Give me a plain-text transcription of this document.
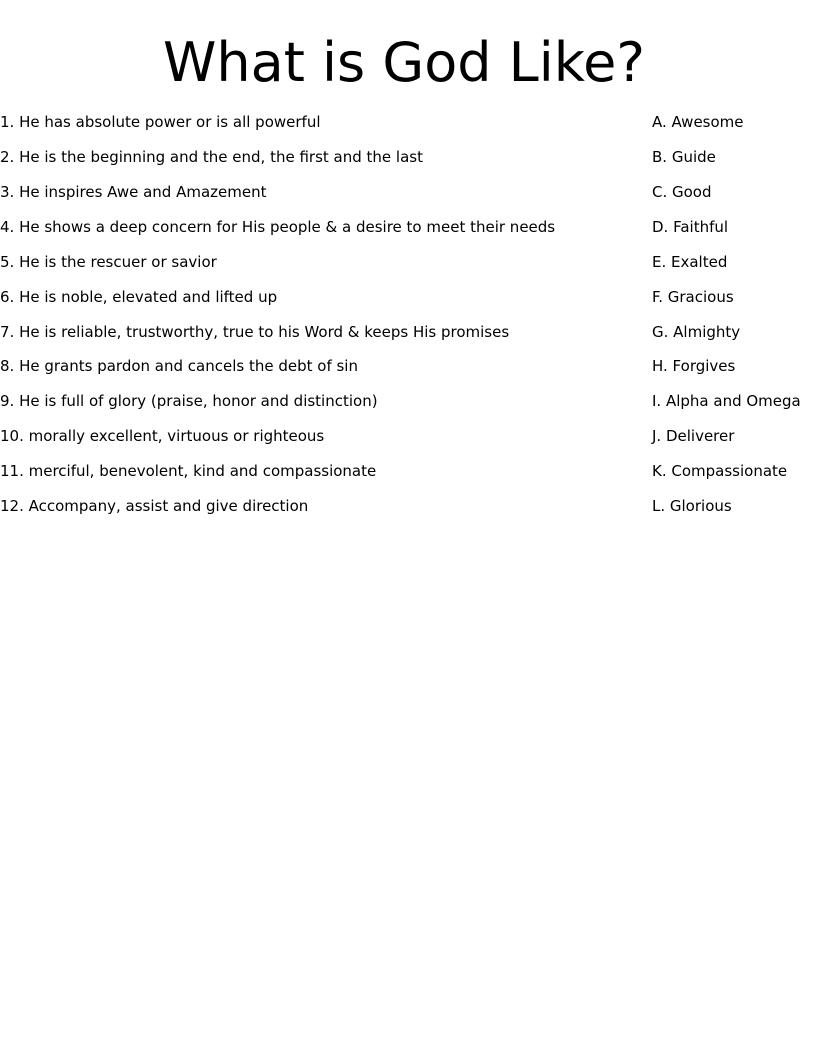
What is God Like?
1. He has absolute power or is all powerful	A. Awesome
2. He is the beginning and the end, the first and the last	B. Guide
3. He inspires Awe and Amazement	C. Good
4. He shows a deep concern for His people & a desire to meet their needs	D. Faithful
5. He is the rescuer or savior	E. Exalted
6. He is noble, elevated and lifted up	F. Gracious
7. He is reliable, trustworthy, true to his Word & keeps His promises	G. Almighty
8. He grants pardon and cancels the debt of sin	H. Forgives
9. He is full of glory (praise, honor and distinction)	I. Alpha and Omega
10. morally excellent, virtuous or righteous	J. Deliverer
11. merciful, benevolent, kind and compassionate	K. Compassionate
12. Accompany, assist and give direction	L. Glorious
